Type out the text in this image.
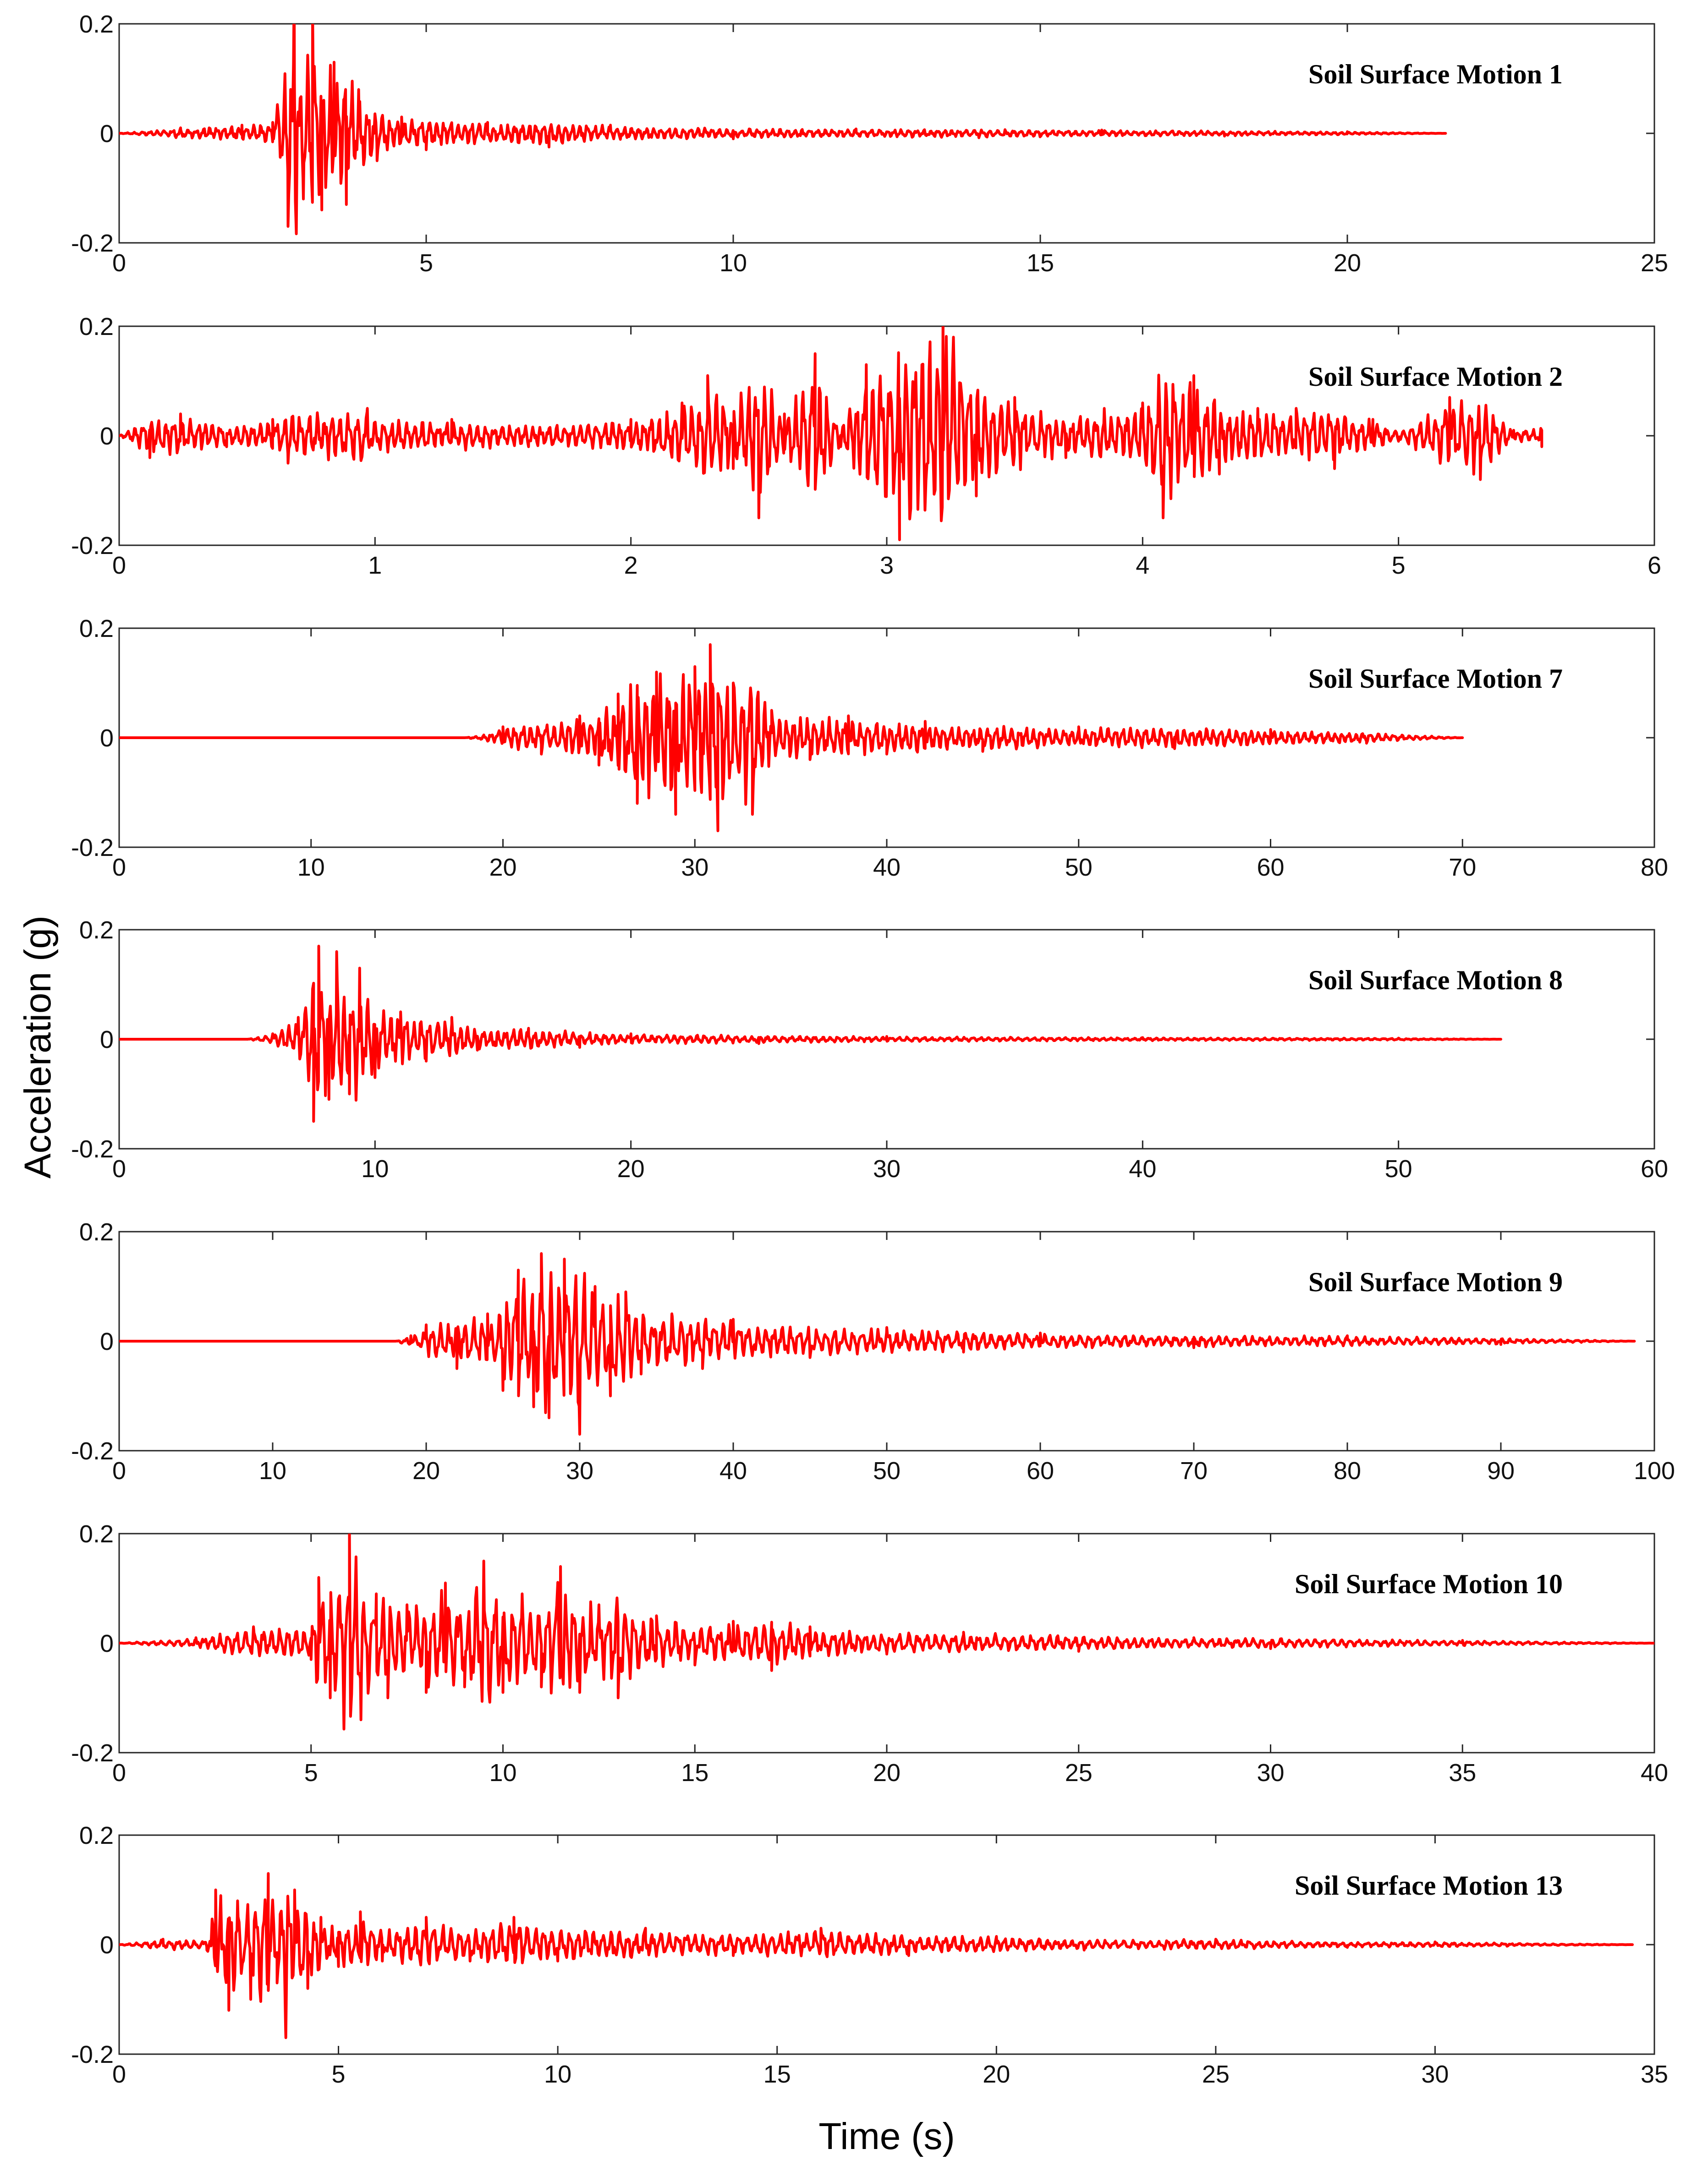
0	5	10	15	20	25
-0.2
0
0.2
Soil Surface Motion 1
0	1	2	3	4	5	6
-0.2
0
0.2
Soil Surface Motion 2
0	10	20	30	40	50	60	70	80
-0.2
0
0.2
Soil Surface Motion 7
0	10	20	30	40	50	60
-0.2
0
0.2
Soil Surface Motion 8
0	10	20	30	40	50	60	70	80	90	100
-0.2
0
0.2
Soil Surface Motion 9
0	5	10	15	20	25	30	35	40
-0.2
0
0.2
Soil Surface Motion 10
0	5	10	15	20	25	30	35
-0.2
0
0.2
Soil Surface Motion 13
Acceleration (g)
Time (s)
